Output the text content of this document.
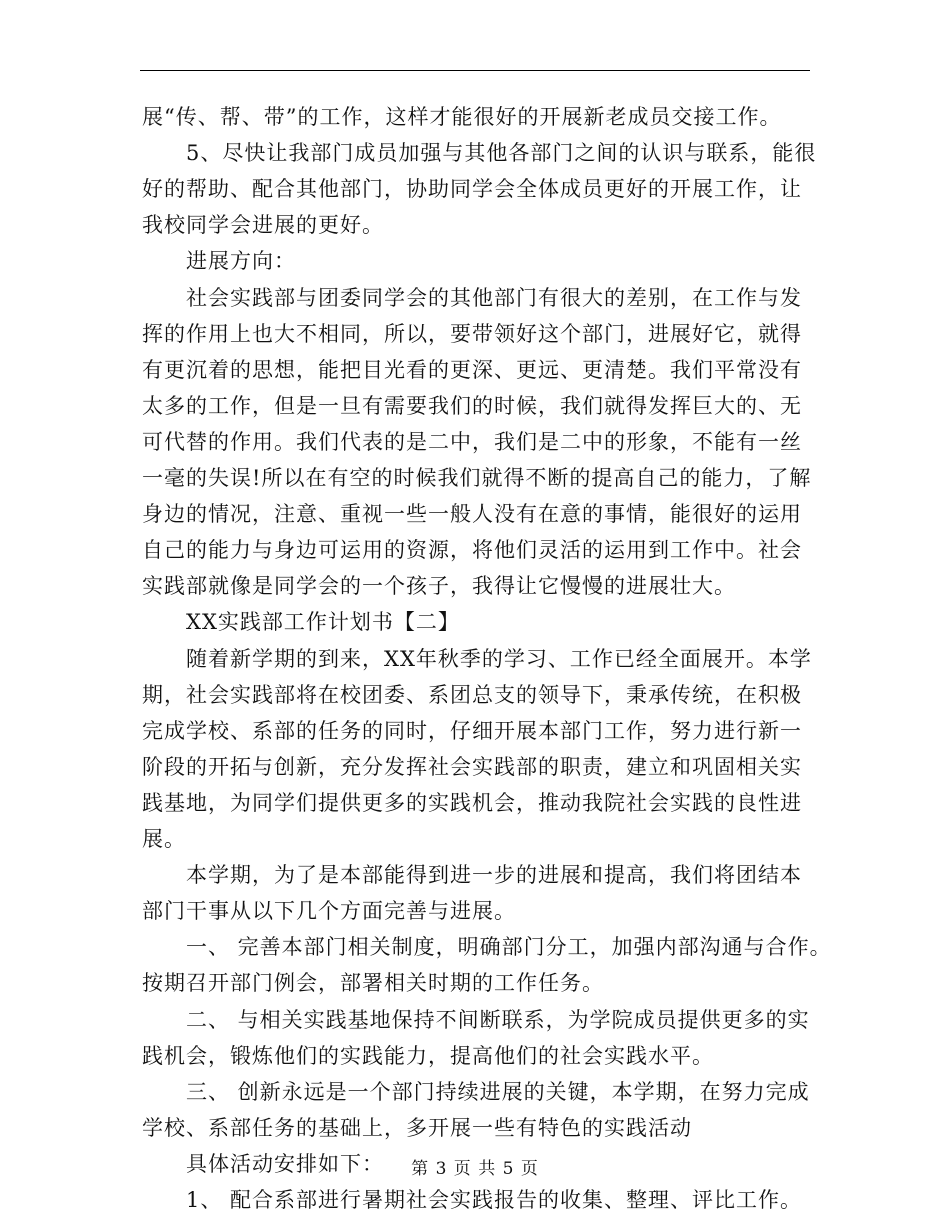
展“传、帮、带”的工作，这样才能很好的开展新老成员交接工作。
5、尽快让我部门成员加强与其他各部门之间的认识与联系，能很
好的帮助、配合其他部门，协助同学会全体成员更好的开展工作，让
我校同学会进展的更好。
进展方向：
社会实践部与团委同学会的其他部门有很大的差别，在工作与发
挥的作用上也大不相同，所以，要带领好这个部门，进展好它，就得
有更沉着的思想，能把目光看的更深、更远、更清楚。我们平常没有
太多的工作，但是一旦有需要我们的时候，我们就得发挥巨大的、无
可代替的作用。我们代表的是二中，我们是二中的形象，不能有一丝
一毫的失误!所以在有空的时候我们就得不断的提高自己的能力，了解
身边的情况，注意、重视一些一般人没有在意的事情，能很好的运用
自己的能力与身边可运用的资源，将他们灵活的运用到工作中。社会
实践部就像是同学会的一个孩子，我得让它慢慢的进展壮大。
XX实践部工作计划书【二】
随着新学期的到来，XX年秋季的学习、工作已经全面展开。本学
期，社会实践部将在校团委、系团总支的领导下，秉承传统，在积极
完成学校、系部的任务的同时，仔细开展本部门工作，努力进行新一
阶段的开拓与创新，充分发挥社会实践部的职责，建立和巩固相关实
践基地，为同学们提供更多的实践机会，推动我院社会实践的良性进
展。
本学期，为了是本部能得到进一步的进展和提高，我们将团结本
部门干事从以下几个方面完善与进展。
一、 完善本部门相关制度，明确部门分工，加强内部沟通与合作。
按期召开部门例会，部署相关时期的工作任务。
二、 与相关实践基地保持不间断联系，为学院成员提供更多的实
践机会，锻炼他们的实践能力，提高他们的社会实践水平。
三、 创新永远是一个部门持续进展的关键，本学期，在努力完成
学校、系部任务的基础上，多开展一些有特色的实践活动
具体活动安排如下：
1、 配合系部进行暑期社会实践报告的收集、整理、评比工作。
第 3 页 共 5 页
